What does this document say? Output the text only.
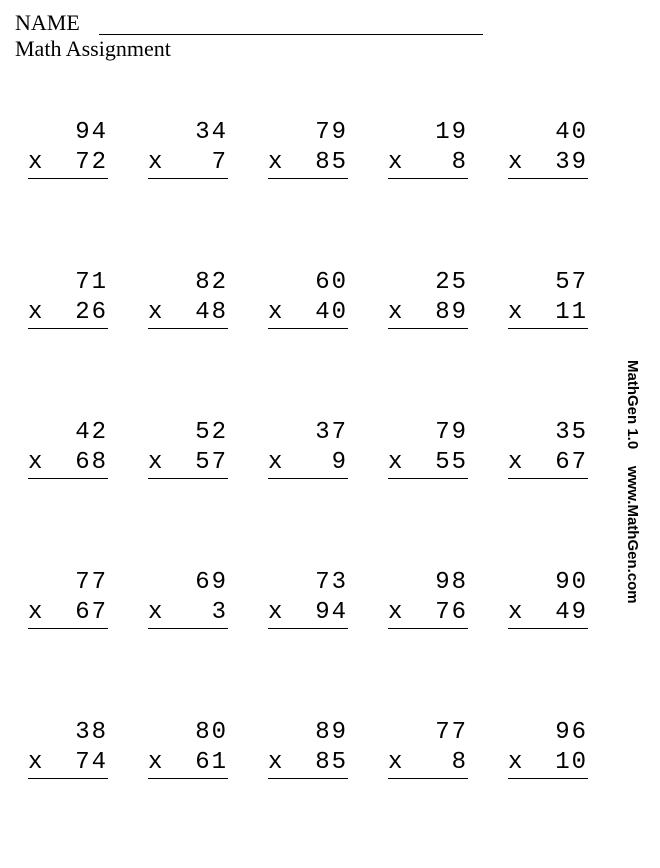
NAME
Math Assignment
94
x 72
34
x 7
79
x 85
19
x 8
40
x 39
71
x 26
82
x 48
60
x 40
25
x 89
57
x 11
42
x 68
52
x 57
37
x 9
79
x 55
35
x 67
77
x 67
69
x 3
73
x 94
98
x 76
90
x 49
38
x 74
80
x 61
89
x 85
77
x 8
96
x 10
MathGen 1.0    www.MathGen.com
